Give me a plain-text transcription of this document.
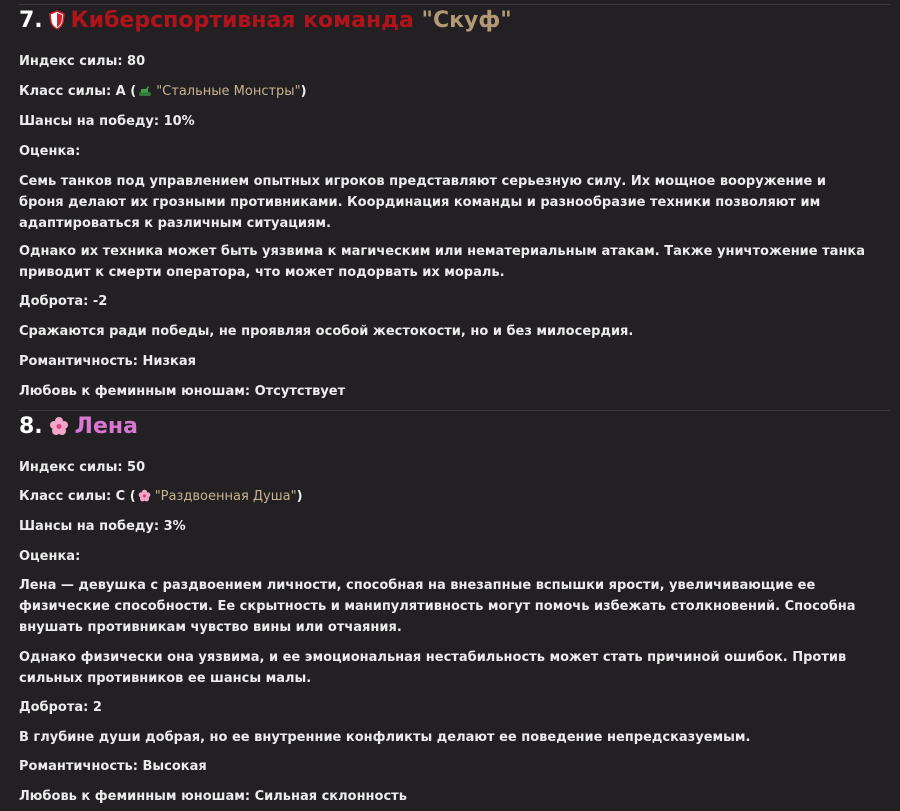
7. Киберспортивная команда "Скуф"
Индекс силы: 80
Класс силы: А ( "Стальные Монстры")
Шансы на победу: 10%
Оценка:
Семь танков под управлением опытных игроков представляют серьезную силу. Их мощное вооружение и броня делают их грозными противниками. Координация команды и разнообразие техники позволяют им адаптироваться к различным ситуациям.
Однако их техника может быть уязвима к магическим или нематериальным атакам. Также уничтожение танка приводит к смерти оператора, что может подорвать их мораль.
Доброта: -2
Сражаются ради победы, не проявляя особой жестокости, но и без милосердия.
Романтичность: Низкая
Любовь к феминным юношам: Отсутствует
8. Лена
Индекс силы: 50
Класс силы: С ( "Раздвоенная Душа")
Шансы на победу: 3%
Оценка:
Лена — девушка с раздвоением личности, способная на внезапные вспышки ярости, увеличивающие ее физические способности. Ее скрытность и манипулятивность могут помочь избежать столкновений. Способна внушать противникам чувство вины или отчаяния.
Однако физически она уязвима, и ее эмоциональная нестабильность может стать причиной ошибок. Против сильных противников ее шансы малы.
Доброта: 2
В глубине души добрая, но ее внутренние конфликты делают ее поведение непредсказуемым.
Романтичность: Высокая
Любовь к феминным юношам: Сильная склонность
